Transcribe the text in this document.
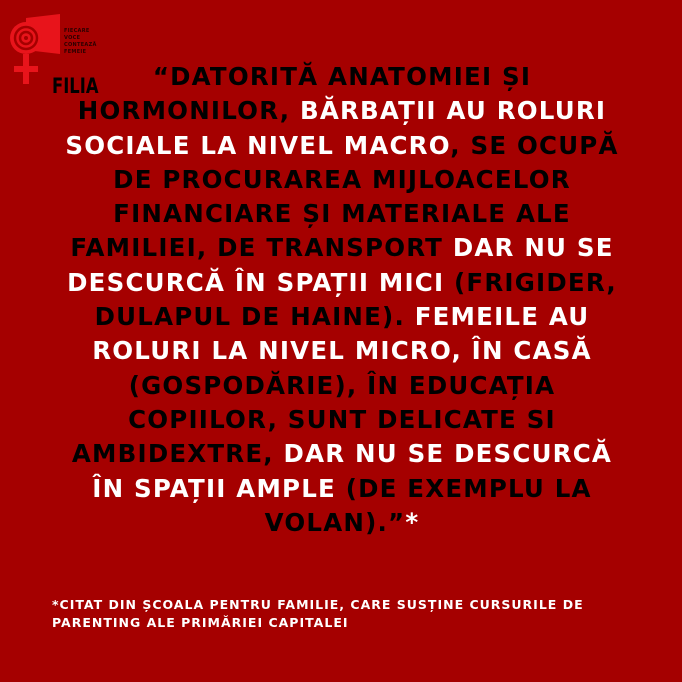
FIECARE
VOCE
CONTEAZĂ
FEMEIE
FILIA	“DATORITĂ ANATOMIEI ȘI HORMONILOR, BĂRBAȚII AU ROLURI SOCIALE LA NIVEL MACRO, SE OCUPĂ DE PROCURAREA MIJLOACELOR FINANCIARE ȘI MATERIALE ALE FAMILIEI, DE TRANSPORT DAR NU SE DESCURCĂ ÎN SPAȚII MICI (FRIGIDER, DULAPUL DE HAINE). FEMEILE AU ROLURI LA NIVEL MICRO, ÎN CASĂ (GOSPODĂRIE), ÎN EDUCAȚIA COPIILOR, SUNT DELICATE SI AMBIDEXTRE, DAR NU SE DESCURCĂ ÎN SPAȚII AMPLE (DE EXEMPLU LA VOLAN).”*

*CITAT DIN ȘCOALA PENTRU FAMILIE, CARE SUSȚINE CURSURILE DE PARENTING ALE PRIMĂRIEI CAPITALEI
